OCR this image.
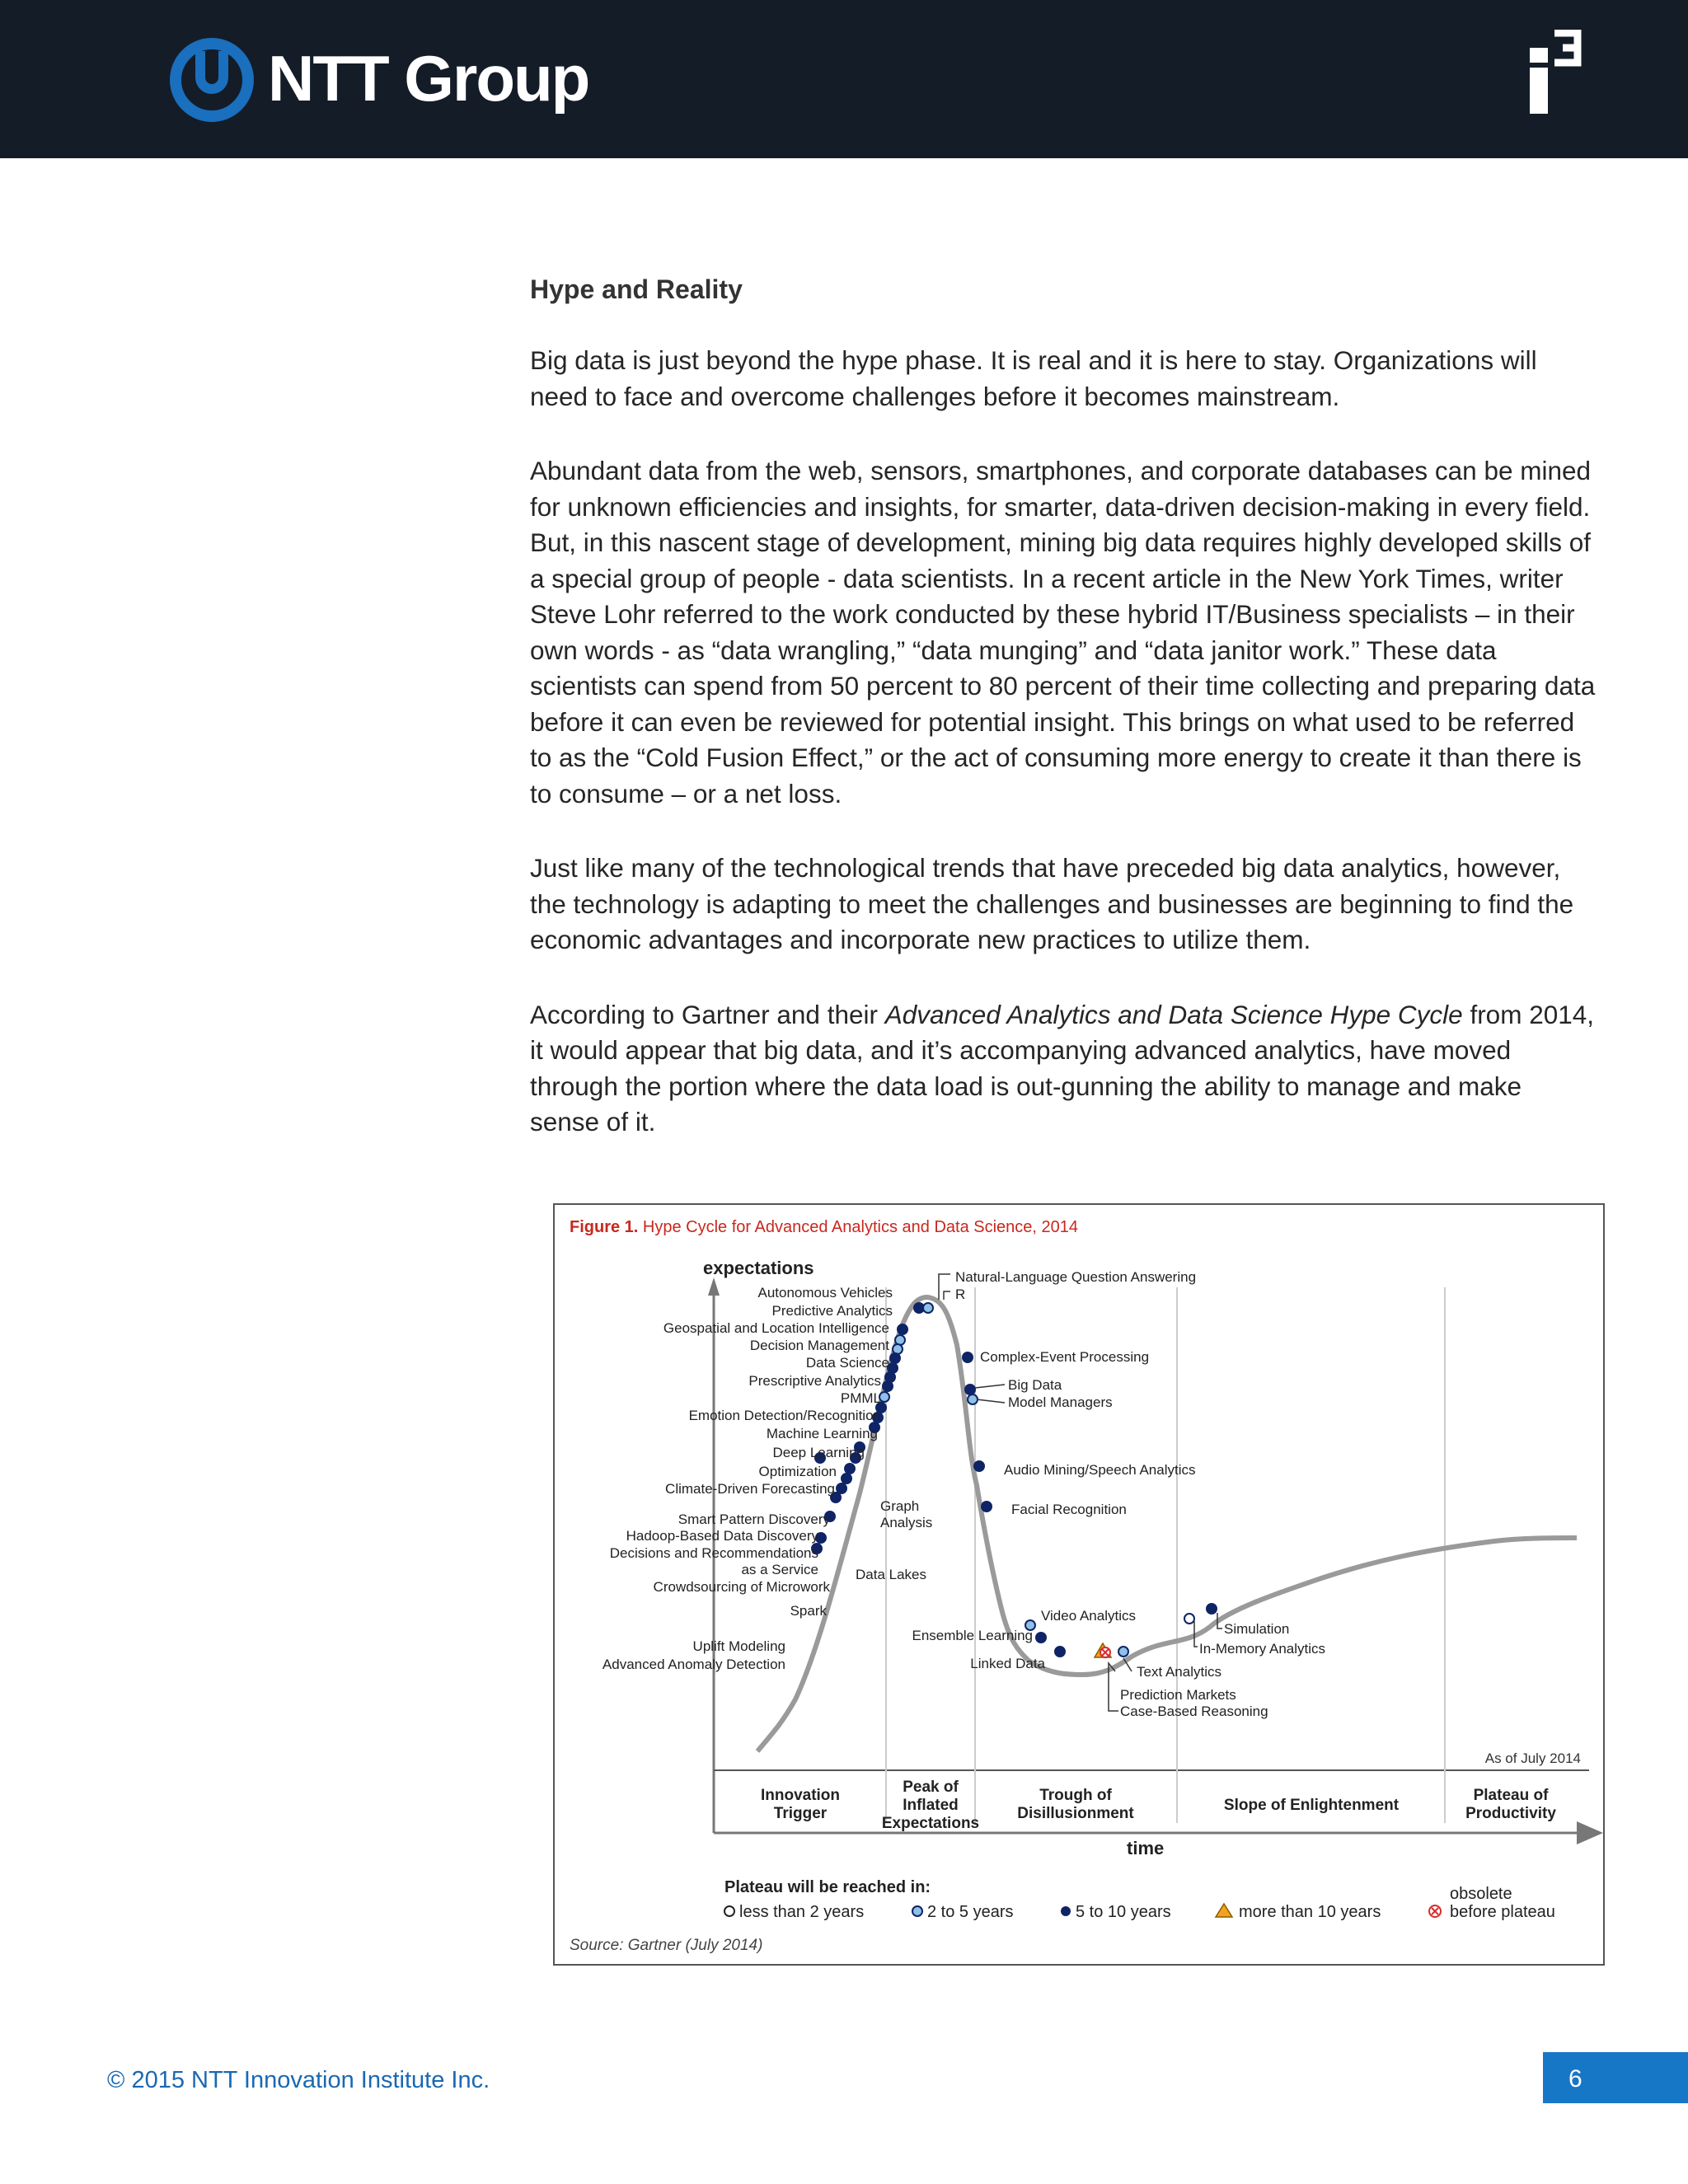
NTT Group
Hype and Reality

Big data is just beyond the hype phase. It is real and it is here to stay. Organizations will need to face and overcome challenges before it becomes mainstream.

Abundant data from the web, sensors, smartphones, and corporate databases can be mined for unknown efficiencies and insights, for smarter, data-driven decision-making in every field. But, in this nascent stage of development, mining big data requires highly developed skills of a special group of people - data scientists. In a recent article in the New York Times, writer Steve Lohr referred to the work conducted by these hybrid IT/Business specialists – in their own words - as “data wrangling,” “data munging” and “data janitor work.” These data scientists can spend from 50 percent to 80 percent of their time collecting and preparing data before it can even be reviewed for potential insight. This brings on what used to be referred to as the “Cold Fusion Effect,” or the act of consuming more energy to create it than there is to consume – or a net loss.

Just like many of the technological trends that have preceded big data analytics, however, the technology is adapting to meet the challenges and businesses are beginning to find the economic advantages and incorporate new practices to utilize them.

According to Gartner and their Advanced Analytics and Data Science Hype Cycle from 2014, it would appear that big data, and it’s accompanying advanced analytics, have moved through the portion where the data load is out-gunning the ability to manage and make sense of it.

Figure 1. Hype Cycle for Advanced Analytics and Data Science, 2014
expectations
time
As of July 2014
Innovation Trigger
Peak of Inflated Expectations
Trough of Disillusionment	Slope of Enlightenment
Plateau of Productivity
Autonomous Vehicles
Predictive Analytics
Geospatial and Location Intelligence
Decision Management
Data Science
Prescriptive Analytics
PMML
Emotion Detection/Recognition
Machine Learning
Deep Learning
Optimization
Climate-Driven Forecasting
Smart Pattern Discovery
Hadoop-Based Data Discovery
Decisions and Recommendations
as a Service
Crowdsourcing of Microwork
Spark
Uplift Modeling
Advanced Anomaly Detection
Natural-Language Question Answering
R
Complex-Event Processing
Big Data
Model Managers
Audio Mining/Speech Analytics
Facial Recognition
Graph
Analysis
Data Lakes
Video Analytics
Ensemble Learning
Linked Data
Text Analytics
Prediction Markets
Case-Based Reasoning
Simulation
In-Memory Analytics
Plateau will be reached in:
less than 2 years	2 to 5 years	5 to 10 years	more than 10 years
obsolete
before plateau
Source: Gartner (July 2014)
© 2015 NTT Innovation Institute Inc.	6
